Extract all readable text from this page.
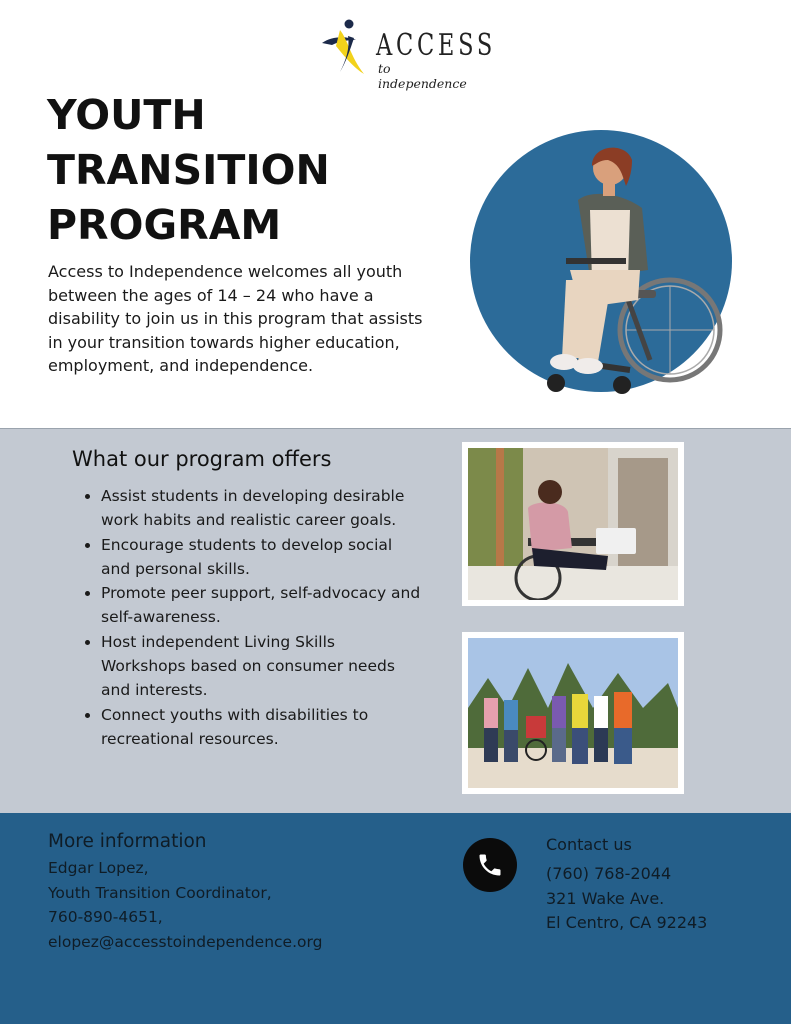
ACCESS
to independence
YOUTH
TRANSITION
PROGRAM

Access to Independence welcomes all youth between the ages of 14 – 24 who have a disability to join us in this program that assists in your transition towards higher education, employment, and independence.

What our program offers
• Assist students in developing desirable work habits and realistic career goals.
• Encourage students to develop social and personal skills.
• Promote peer support, self-advocacy and self-awareness.
• Host independent Living Skills Workshops based on consumer needs and interests.
• Connect youths with disabilities to recreational resources.
More information
Edgar Lopez,
Youth Transition Coordinator,
760-890-4651,
elopez@accesstoindependence.org
Contact us
(760) 768-2044
321 Wake Ave.
El Centro, CA 92243
